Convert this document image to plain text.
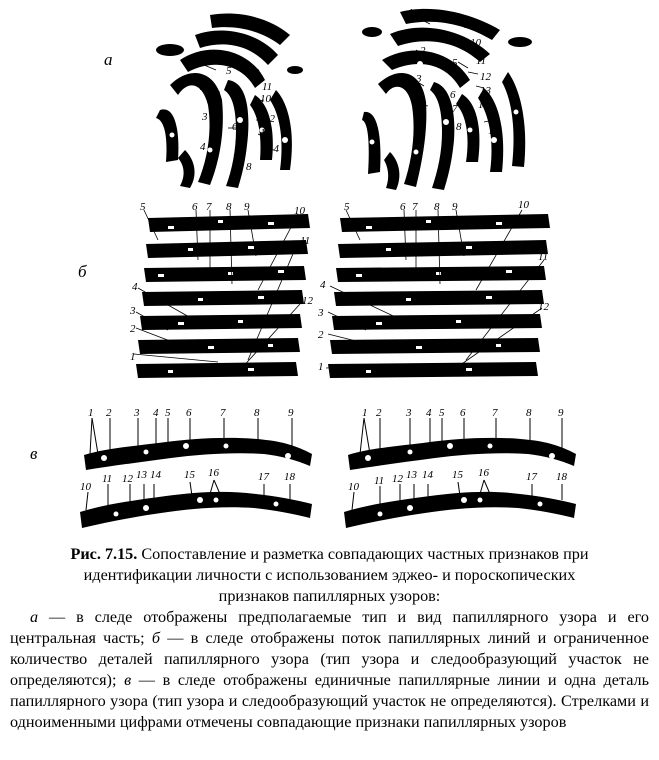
а
б
в
1
2
3
4
5
6
7
8
9
10
11
12
13
14
1
2
3
4
5
6
7
8
9
10
11
12
13
14
15
1
2
3
4
5	6 7 8 9	10
11
12
1
2
3
4
5	6 7 8 9	10
11
12
1 2 3 4 5 6	7	8	9
10
11 12 13 14 15 16	17 18
1 2 3 4 5 6 7	8 9
10 11 12 13 14 15 16	17 18
Рис. 7.15. Сопоставление и разметка совпадающих частных признаков при идентификации личности с использованием эджео- и пороскопических признаков папиллярных узоров:
а — в следе отображены предполагаемые тип и вид папиллярного узора и его центральная часть; б — в следе отображены поток папиллярных линий и ограниченное количество деталей папиллярного узора (тип узора и следообразующий участок не определяются); в — в следе отображены единичные папиллярные линии и одна деталь папиллярного узора (тип узора и следообразующий участок не определяются). Стрелками и одноименными цифрами отмечены совпадающие признаки папиллярных узоров
